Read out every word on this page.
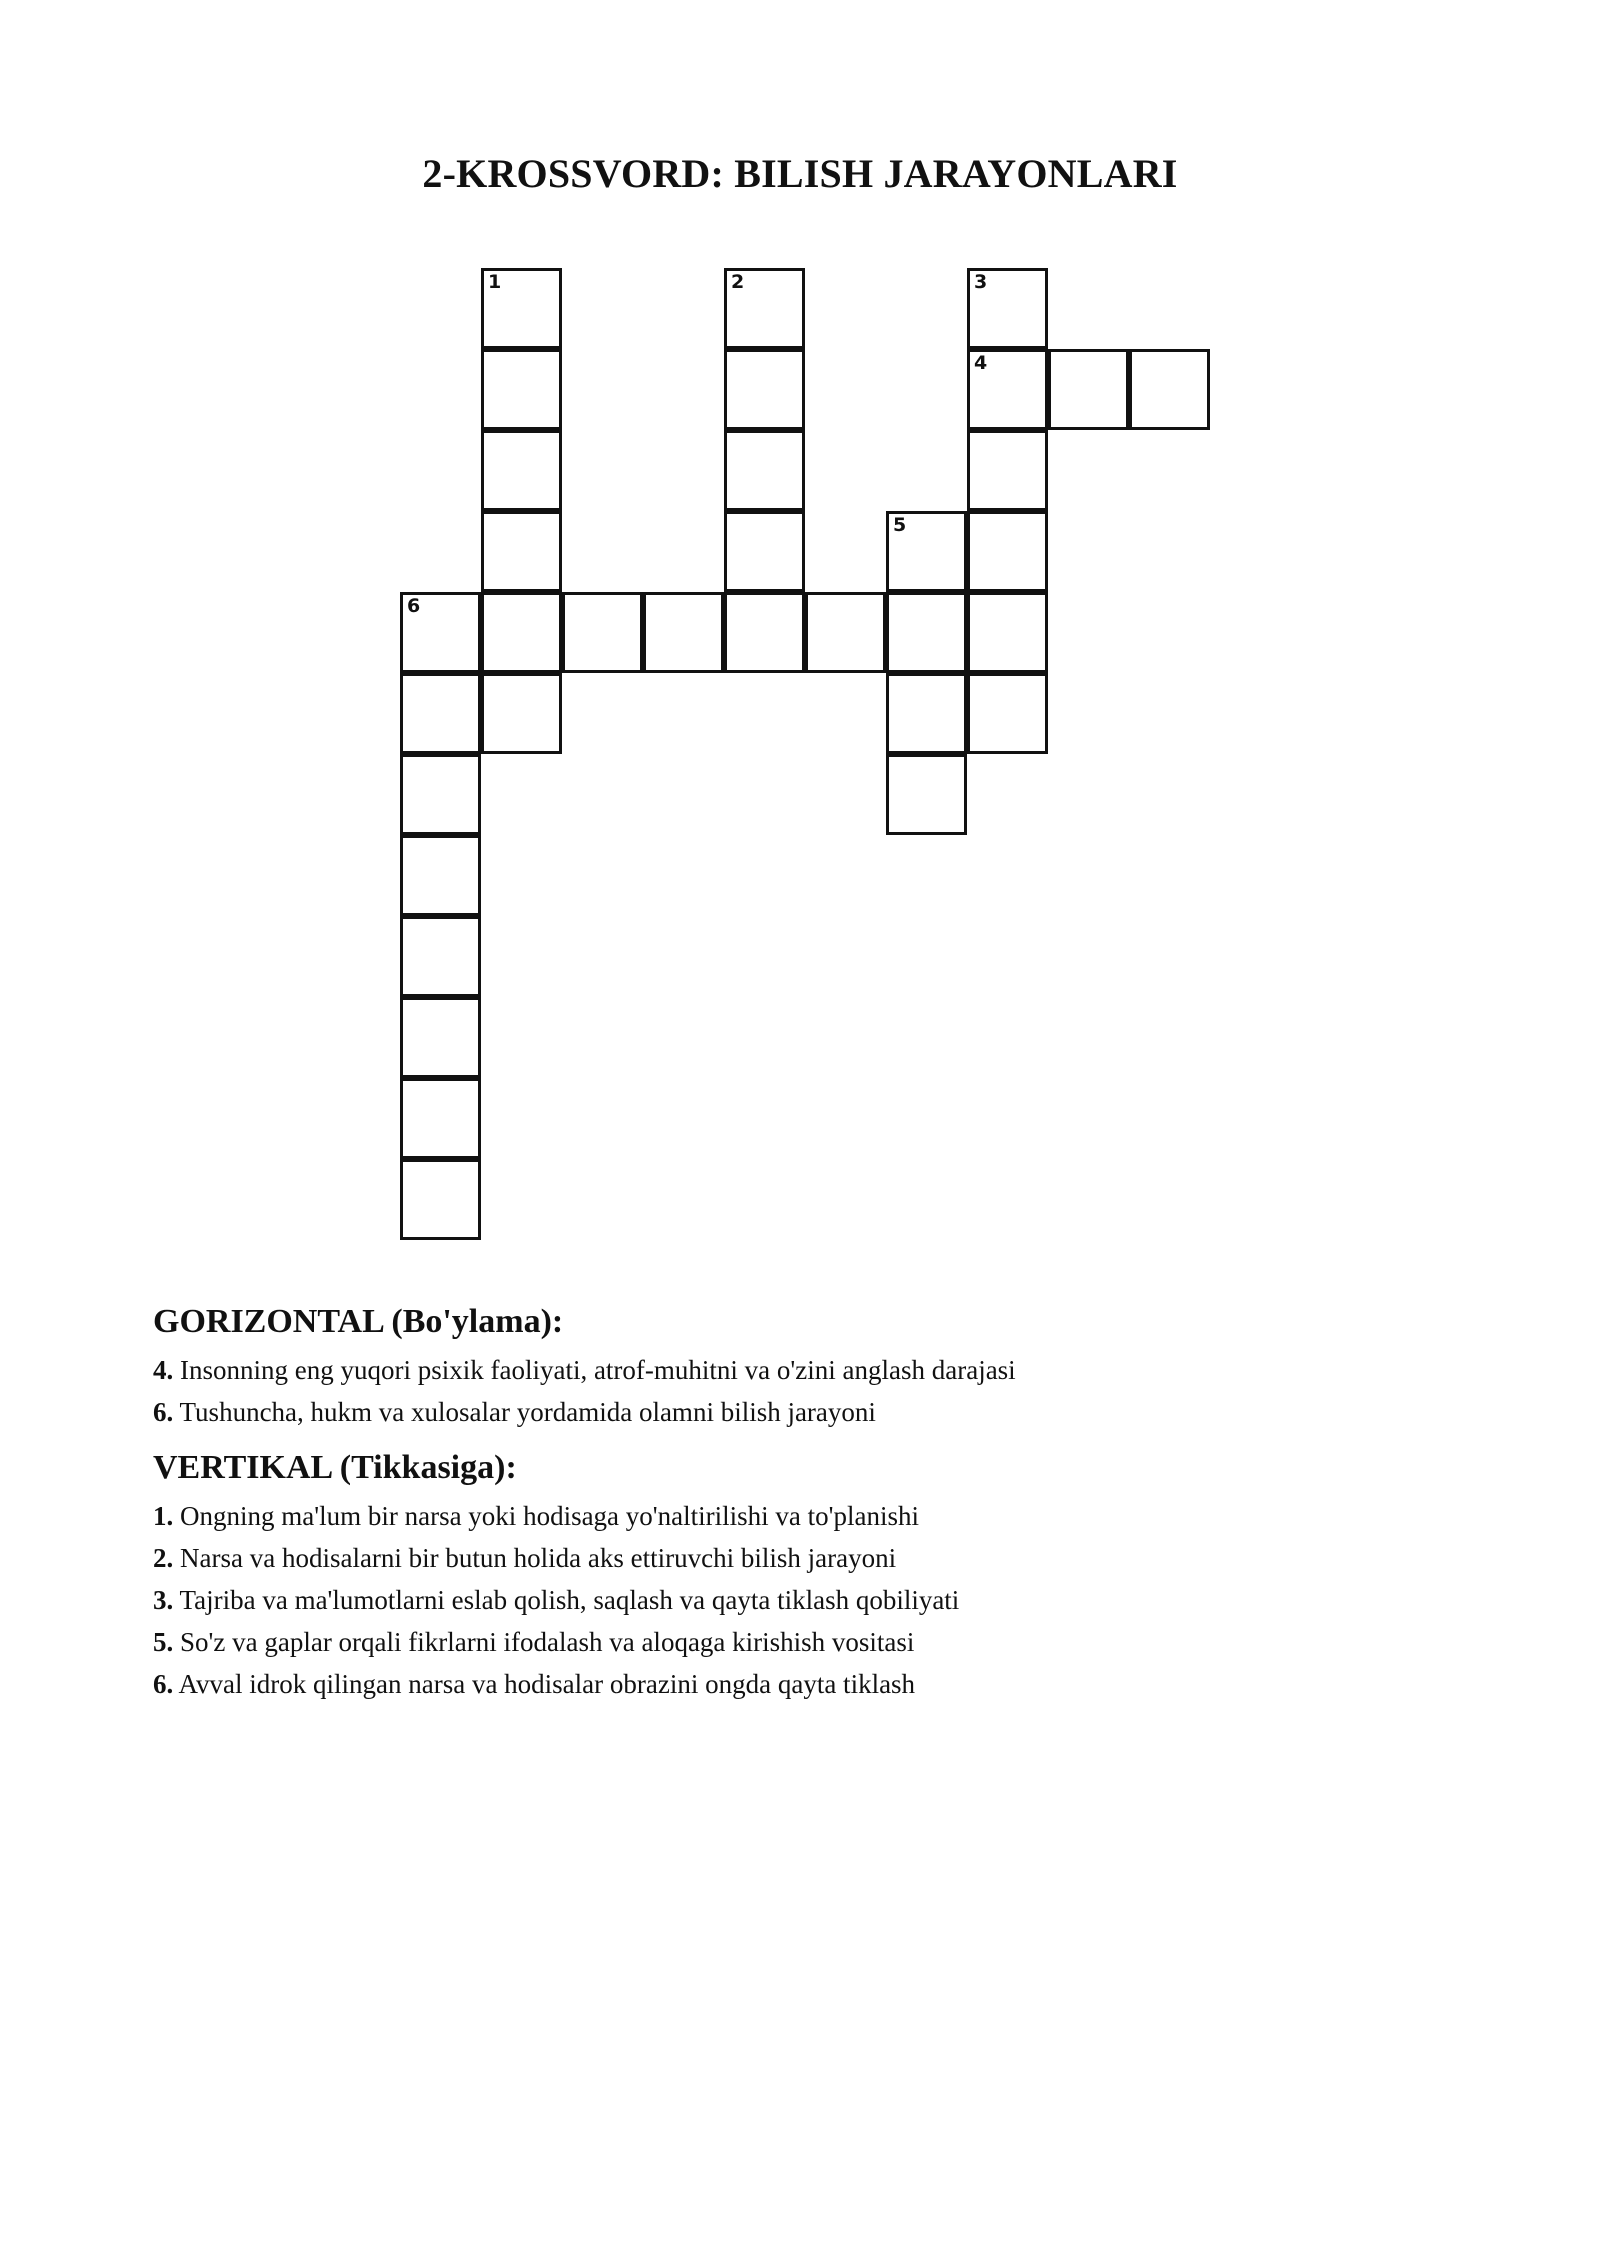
2-KROSSVORD: BILISH JARAYONLARI
1	2	3
4
5
6
GORIZONTAL (Bo'ylama):
4. Insonning eng yuqori psixik faoliyati, atrof-muhitni va o'zini anglash darajasi
6. Tushuncha, hukm va xulosalar yordamida olamni bilish jarayoni
VERTIKAL (Tikkasiga):
1. Ongning ma'lum bir narsa yoki hodisaga yo'naltirilishi va to'planishi
2. Narsa va hodisalarni bir butun holida aks ettiruvchi bilish jarayoni
3. Tajriba va ma'lumotlarni eslab qolish, saqlash va qayta tiklash qobiliyati
5. So'z va gaplar orqali fikrlarni ifodalash va aloqaga kirishish vositasi
6. Avval idrok qilingan narsa va hodisalar obrazini ongda qayta tiklash
